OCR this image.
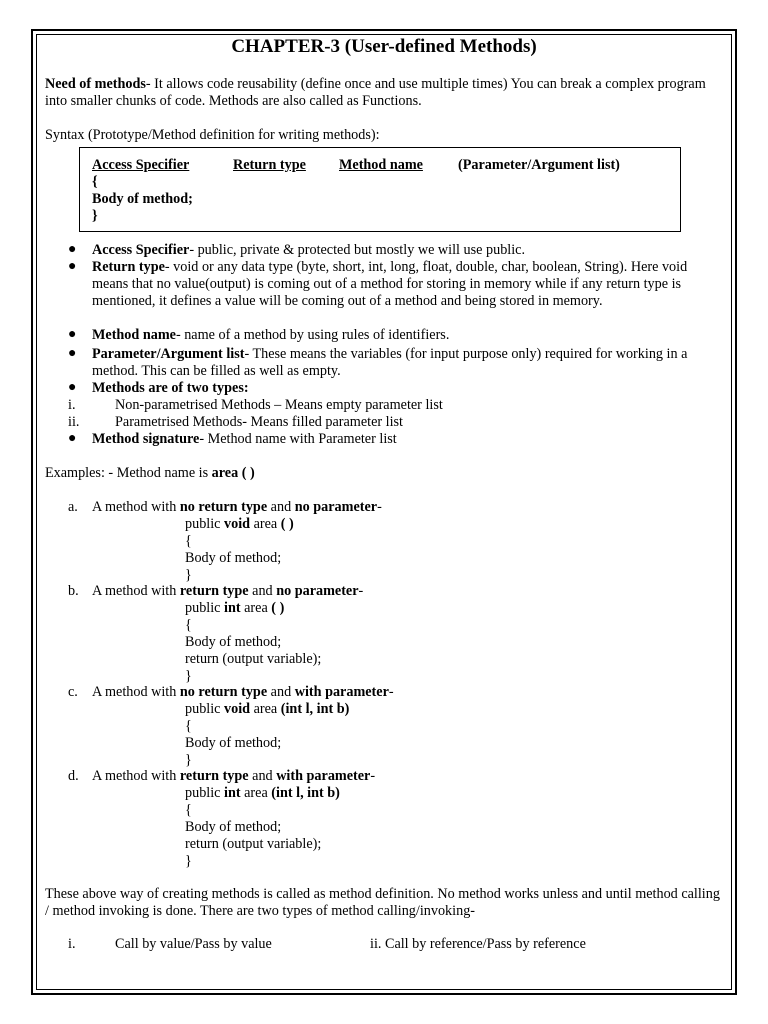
CHAPTER-3 (User-defined Methods)
Need of methods- It allows code reusability (define once and use multiple times) You can break a complex program into smaller chunks of code. Methods are also called as Functions.
Syntax (Prototype/Method definition for writing methods):
Access Specifier	Return type Method name (Parameter/Argument list)
{
Body of method;
}
● Access Specifier- public, private & protected but mostly we will use public.
● Return type- void or any data type (byte, short, int, long, float, double, char, boolean, String). Here void means that no value(output) is coming out of a method for storing in memory while if any return type is mentioned, it defines a value will be coming out of a method and being stored in memory.
● Method name- name of a method by using rules of identifiers.
● Parameter/Argument list- These means the variables (for input purpose only) required for working in a method. This can be filled as well as empty.
● Methods are of two types:
i.	Non-parametrised Methods – Means empty parameter list
ii.	Parametrised Methods- Means filled parameter list
● Method signature- Method name with Parameter list
Examples: - Method name is area ( )
a. A method with no return type and no parameter-
public void area ( )
{
Body of method;
}
b. A method with return type and no parameter-
public int area ( )
{
Body of method;
return (output variable);
}
c. A method with no return type and with parameter-
public void area (int l, int b)
{
Body of method;
}
d. A method with return type and with parameter-
public int area (int l, int b)
{
Body of method;
return (output variable);
}
These above way of creating methods is called as method definition. No method works unless and until method calling / method invoking is done. There are two types of method calling/invoking-
i.	Call by value/Pass by value	ii. Call by reference/Pass by reference
